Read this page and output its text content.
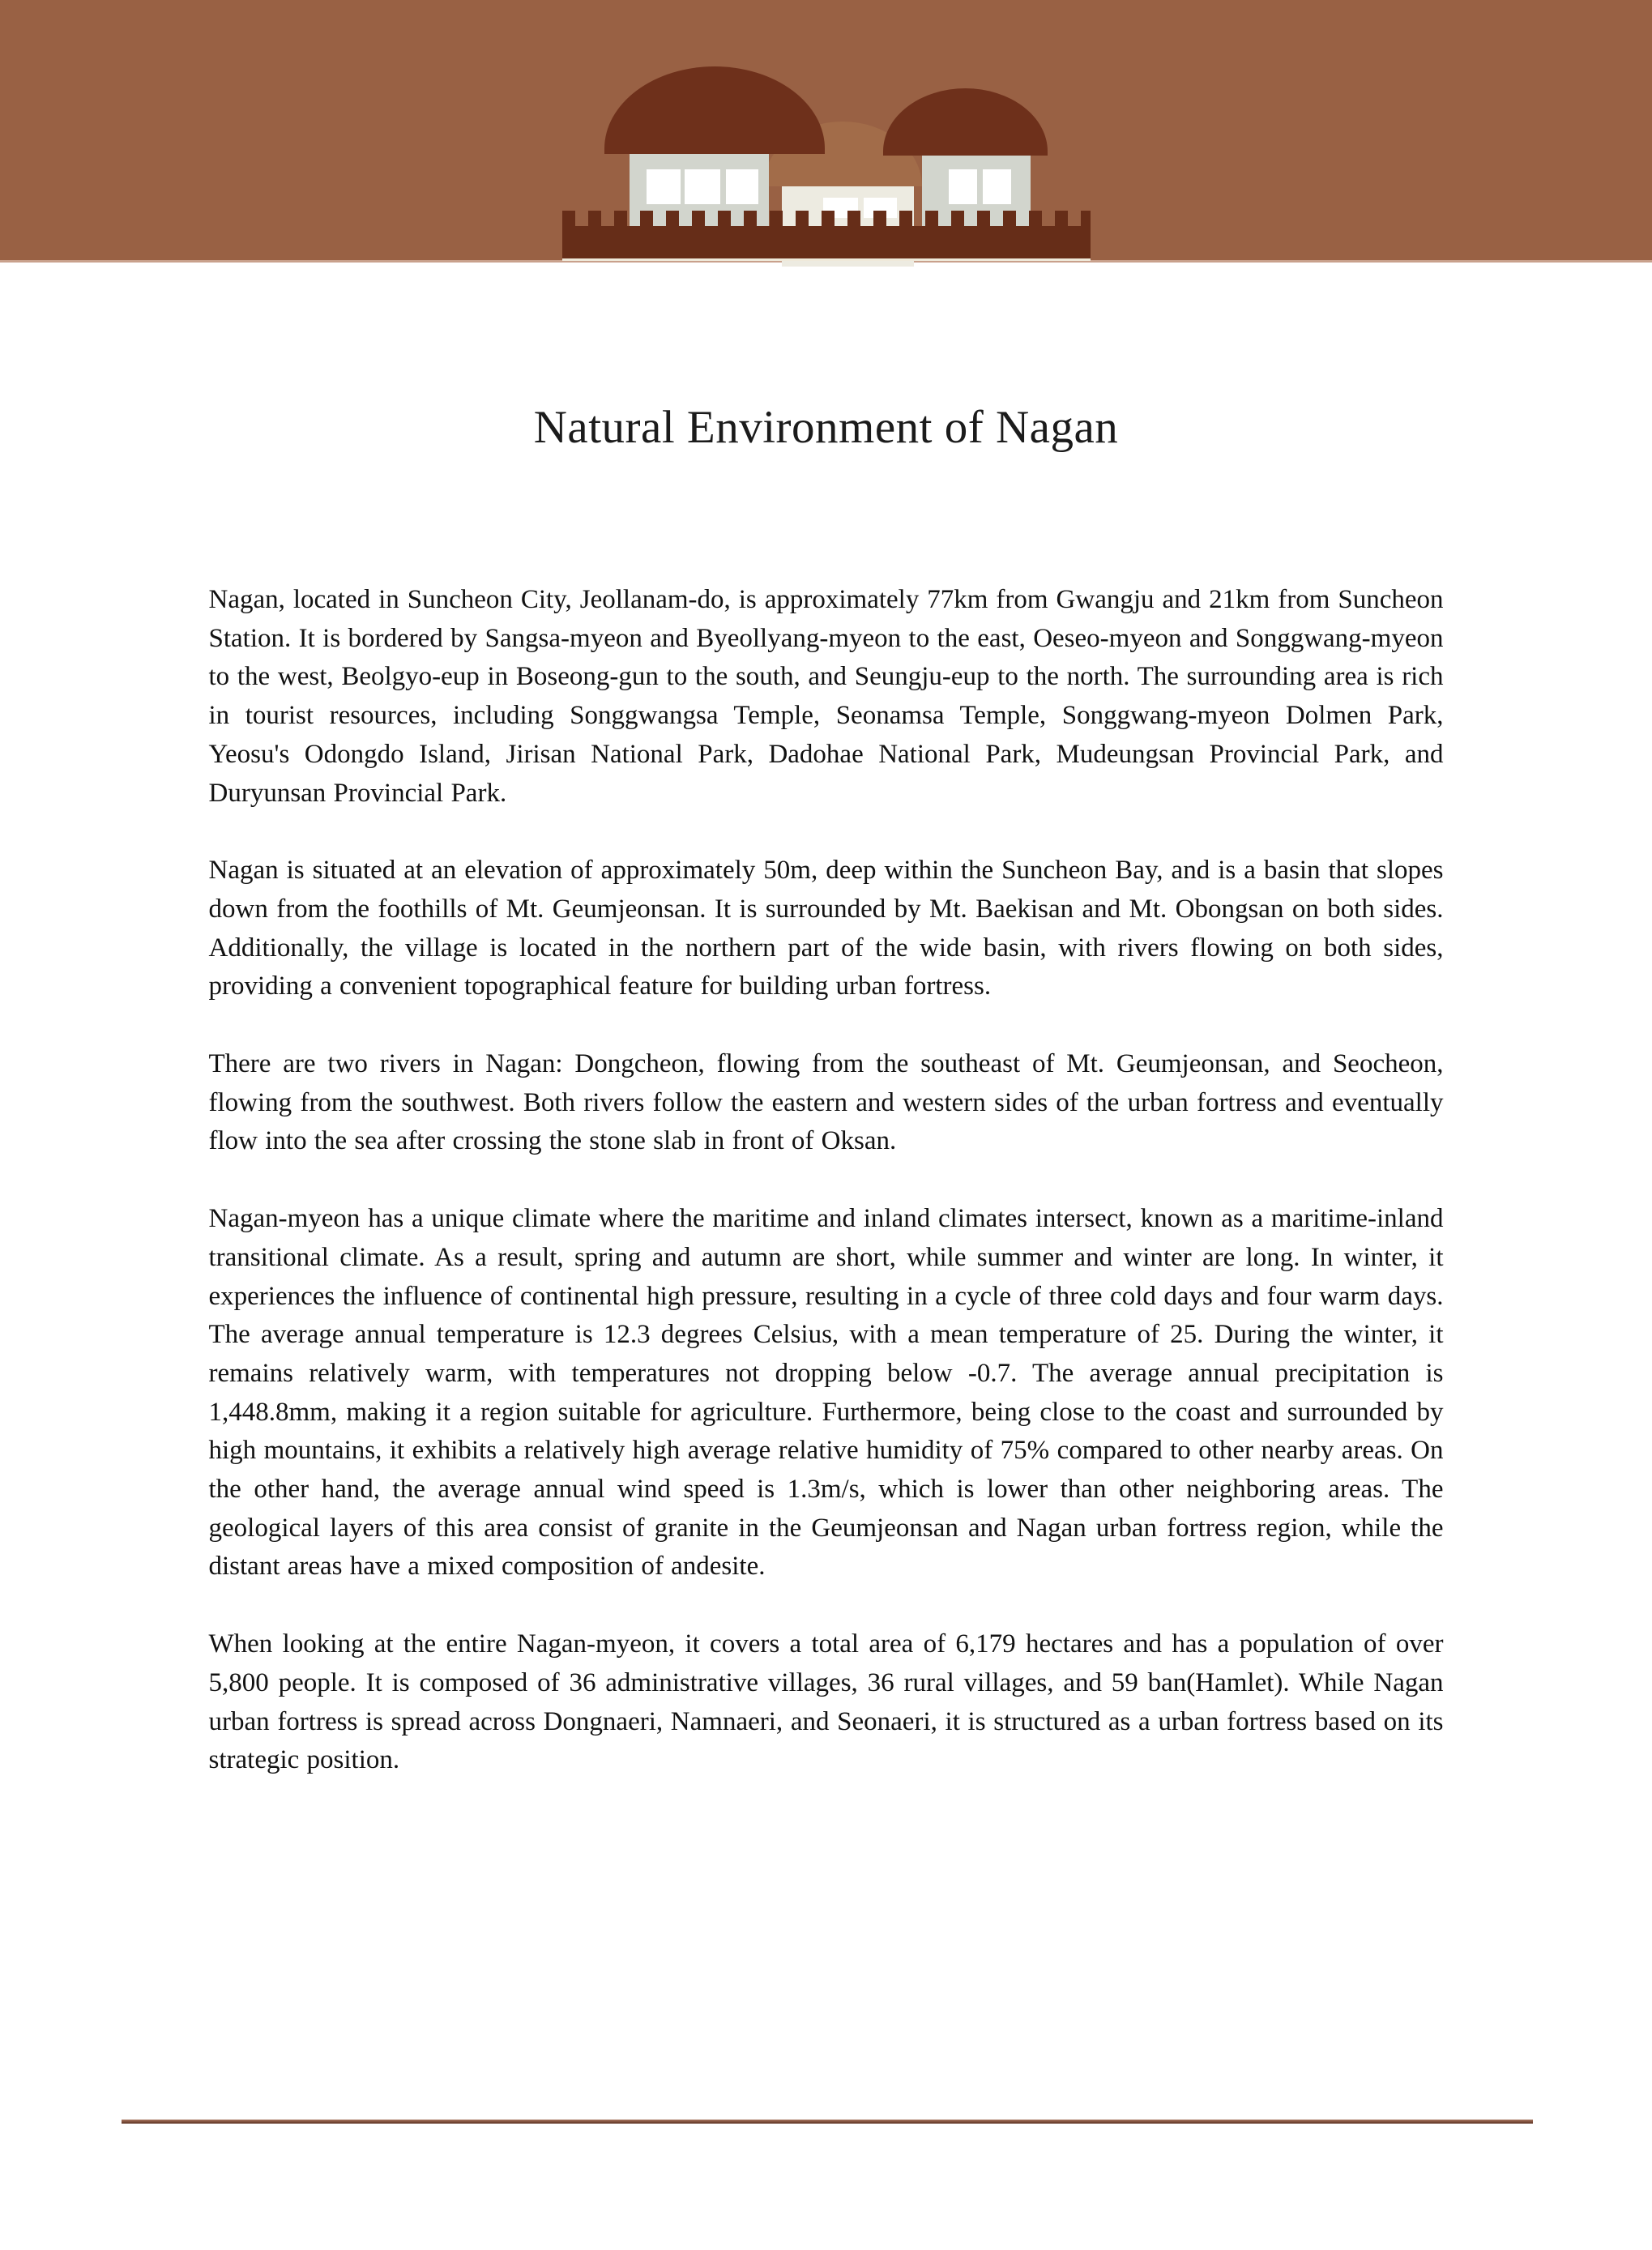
Natural Environment of Nagan

Nagan, located in Suncheon City, Jeollanam-do, is approximately 77km from Gwangju and 21km from Suncheon Station. It is bordered by Sangsa-myeon and Byeollyang-myeon to the east, Oeseo-myeon and Songgwang-myeon to the west, Beolgyo-eup in Boseong-gun to the south, and Seungju-eup to the north. The surrounding area is rich in tourist resources, including Songgwangsa Temple, Seonamsa Temple, Songgwang-myeon Dolmen Park, Yeosu's Odongdo Island, Jirisan National Park, Dadohae National Park, Mudeungsan Provincial Park, and Duryunsan Provincial Park.

Nagan is situated at an elevation of approximately 50m, deep within the Suncheon Bay, and is a basin that slopes down from the foothills of Mt. Geumjeonsan. It is surrounded by Mt. Baekisan and Mt. Obongsan on both sides. Additionally, the village is located in the northern part of the wide basin, with rivers flowing on both sides, providing a convenient topographical feature for building urban fortress.

There are two rivers in Nagan: Dongcheon, flowing from the southeast of Mt. Geumjeonsan, and Seocheon, flowing from the southwest. Both rivers follow the eastern and western sides of the urban fortress and eventually flow into the sea after crossing the stone slab in front of Oksan.

Nagan-myeon has a unique climate where the maritime and inland climates intersect, known as a maritime-inland transitional climate. As a result, spring and autumn are short, while summer and winter are long. In winter, it experiences the influence of continental high pressure, resulting in a cycle of three cold days and four warm days. The average annual temperature is 12.3 degrees Celsius, with a mean temperature of 25. During the winter, it remains relatively warm, with temperatures not dropping below -0.7. The average annual precipitation is 1,448.8mm, making it a region suitable for agriculture. Furthermore, being close to the coast and surrounded by high mountains, it exhibits a relatively high average relative humidity of 75% compared to other nearby areas. On the other hand, the average annual wind speed is 1.3m/s, which is lower than other neighboring areas. The geological layers of this area consist of granite in the Geumjeonsan and Nagan urban fortress region, while the distant areas have a mixed composition of andesite.

When looking at the entire Nagan-myeon, it covers a total area of 6,179 hectares and has a population of over 5,800 people. It is composed of 36 administrative villages, 36 rural villages, and 59 ban(Hamlet). While Nagan urban fortress is spread across Dongnaeri, Namnaeri, and Seonaeri, it is structured as a urban fortress based on its strategic position.
